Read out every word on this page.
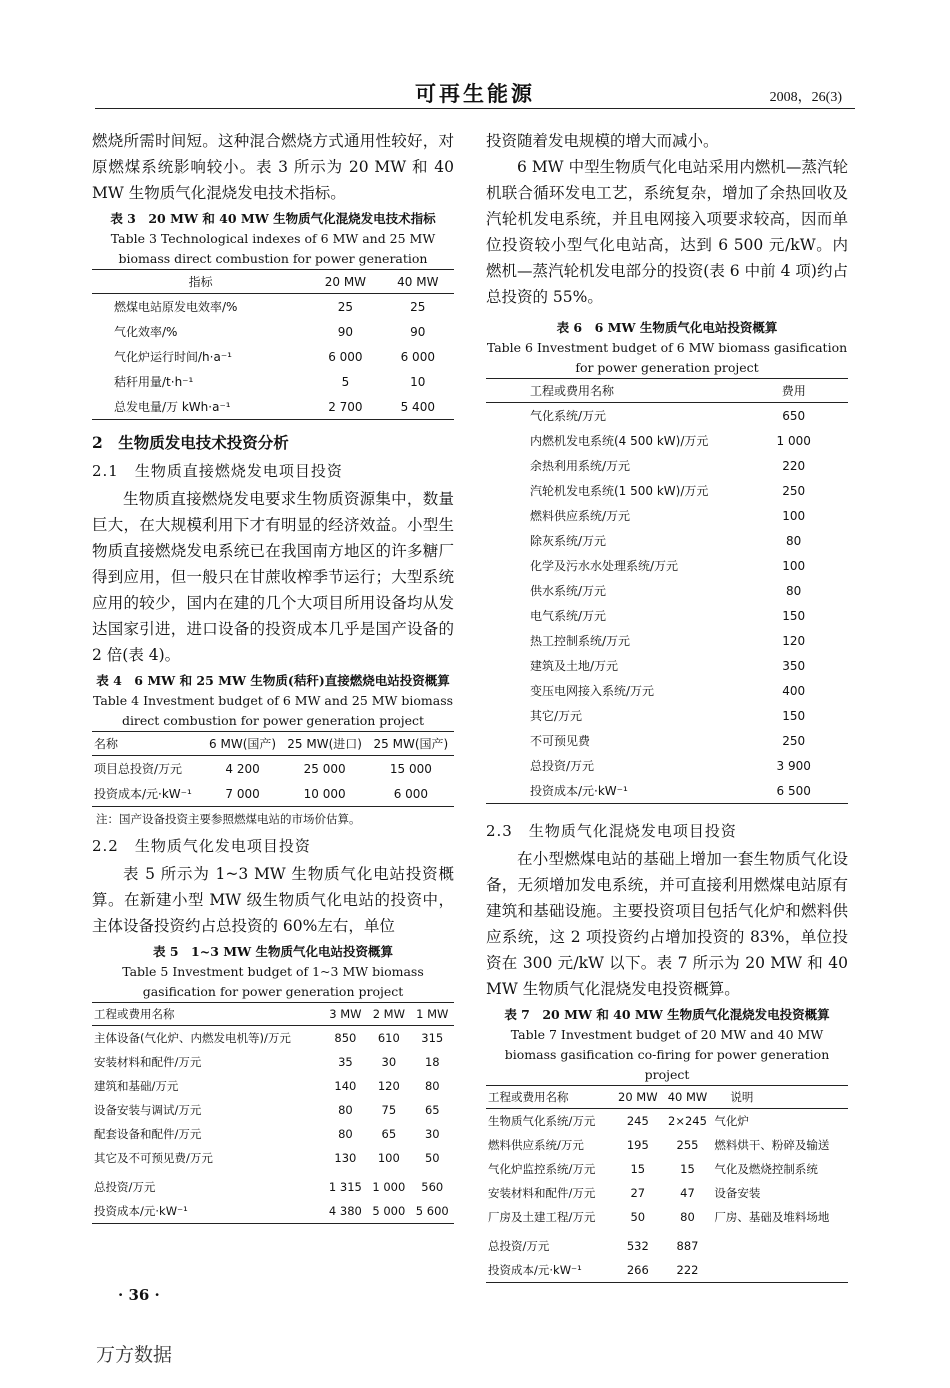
可再生能源	2008，26(3)

燃烧所需时间短。这种混合燃烧方式通用性较好，对原燃煤系统影响较小。表 3 所示为 20 MW 和 40 MW 生物质气化混烧发电技术指标。

表 3　20 MW 和 40 MW 生物质气化混烧发电技术指标

Table 3 Technological indexes of 6 MW and 25 MW biomass direct combustion for power generation

指标	20 MW	40 MW
燃煤电站原发电效率/%	25	25
气化效率/%	90	90
气化炉运行时间/h·a⁻¹	6 000	6 000
秸秆用量/t·h⁻¹	5	10
总发电量/万 kWh·a⁻¹	2 700	5 400
2　生物质发电技术投资分析
2.1　生物质直接燃烧发电项目投资

生物质直接燃烧发电要求生物质资源集中，数量巨大，在大规模利用下才有明显的经济效益。小型生物质直接燃烧发电系统已在我国南方地区的许多糖厂得到应用，但一般只在甘蔗收榨季节运行；大型系统应用的较少，国内在建的几个大项目所用设备均从发达国家引进，进口设备的投资成本几乎是国产设备的 2 倍(表 4)。

表 4　6 MW 和 25 MW 生物质(秸秆)直接燃烧电站投资概算

Table 4 Investment budget of 6 MW and 25 MW biomass direct combustion for power generation project

名称	6 MW(国产)	25 MW(进口)	25 MW(国产)
项目总投资/万元	4 200	25 000	15 000
投资成本/元·kW⁻¹	7 000	10 000	6 000
注：国产设备投资主要参照燃煤电站的市场价估算。
2.2　生物质气化发电项目投资

表 5 所示为 1~3 MW 生物质气化电站投资概算。在新建小型 MW 级生物质气化电站的投资中，主体设备投资约占总投资的 60%左右，单位

表 5　1~3 MW 生物质气化电站投资概算

Table 5 Investment budget of 1~3 MW biomass gasification for power generation project

工程或费用名称	3 MW	2 MW	1 MW
主体设备(气化炉、内燃发电机等)/万元	850	610	315
安装材料和配件/万元	35	30	18
建筑和基础/万元	140	120	80
设备安装与调试/万元	80	75	65
配套设备和配件/万元	80	65	30
其它及不可预见费/万元	130	100	50
总投资/万元	1 315	1 000	560
投资成本/元·kW⁻¹	4 380	5 000	5 600

投资随着发电规模的增大而减小。

6 MW 中型生物质气化电站采用内燃机—蒸汽轮机联合循环发电工艺，系统复杂，增加了余热回收及汽轮机发电系统，并且电网接入项要求较高，因而单位投资较小型气化电站高，达到 6 500 元/kW。内燃机—蒸汽轮机发电部分的投资(表 6 中前 4 项)约占总投资的 55%。

表 6　6 MW 生物质气化电站投资概算

Table 6 Investment budget of 6 MW biomass gasification for power generation project

工程或费用名称	费用
气化系统/万元	650
内燃机发电系统(4 500 kW)/万元	1 000
余热利用系统/万元	220
汽轮机发电系统(1 500 kW)/万元	250
燃料供应系统/万元	100
除灰系统/万元	80
化学及污水水处理系统/万元	100
供水系统/万元	80
电气系统/万元	150
热工控制系统/万元	120
建筑及土地/万元	350
变压电网接入系统/万元	400
其它/万元	150
不可预见费	250
总投资/万元	3 900
投资成本/元·kW⁻¹	6 500
2.3　生物质气化混烧发电项目投资

在小型燃煤电站的基础上增加一套生物质气化设备，无须增加发电系统，并可直接利用燃煤电站原有建筑和基础设施。主要投资项目包括气化炉和燃料供应系统，这 2 项投资约占增加投资的 83%，单位投资在 300 元/kW 以下。表 7 所示为 20 MW 和 40 MW 生物质气化混烧发电投资概算。

表 7　20 MW 和 40 MW 生物质气化混烧发电投资概算

Table 7 Investment budget of 20 MW and 40 MW biomass gasification co-firing for power generation project

工程或费用名称	20 MW	40 MW	说明
生物质气化系统/万元	245	2×245	气化炉
燃料供应系统/万元	195	255	燃料烘干、粉碎及输送
气化炉监控系统/万元	15	15	气化及燃烧控制系统
安装材料和配件/万元	27	47	设备安装
厂房及土建工程/万元	50	80	厂房、基础及堆料场地
总投资/万元	532	887	
投资成本/元·kW⁻¹	266	222	
· 36 ·
万方数据
